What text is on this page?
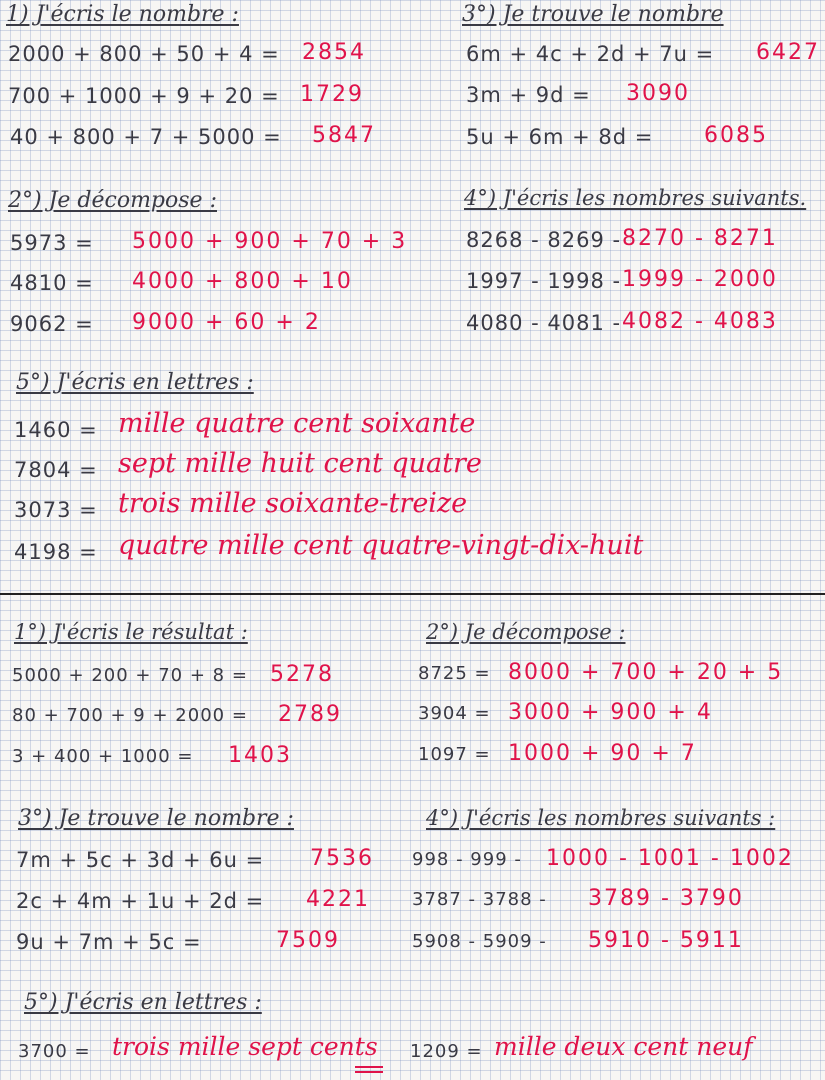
1) J'écris le nombre :
2000 + 800 + 50 + 4 = 2854
700 + 1000 + 9 + 20 = 1729
40 + 800 + 7 + 5000 = 5847
3°) Je trouve le nombre
6m + 4c + 2d + 7u = 6427
3m + 9d = 3090
5u + 6m + 8d = 6085
2°) Je décompose :
5973 = 5000 + 900 + 70 + 3
4810 = 4000 + 800 + 10
9062 = 9000 + 60 + 2
4°) J'écris les nombres suivants.
8268 - 8269 - 8270 - 8271
1997 - 1998 - 1999 - 2000
4080 - 4081 - 4082 - 4083
5°) J'écris en lettres :
1460 = mille quatre cent soixante
7804 = sept mille huit cent quatre
3073 = trois mille soixante-treize
4198 = quatre mille cent quatre-vingt-dix-huit
1°) J'écris le résultat :
5000 + 200 + 70 + 8 = 5278
80 + 700 + 9 + 2000 = 2789
3 + 400 + 1000 = 1403
2°) Je décompose :
8725 = 8000 + 700 + 20 + 5
3904 = 3000 + 900 + 4
1097 = 1000 + 90 + 7
3°) Je trouve le nombre :
7m + 5c + 3d + 6u = 7536
2c + 4m + 1u + 2d = 4221
9u + 7m + 5c =	7509
4°) J'écris les nombres suivants :
998 - 999 - 1000 - 1001 - 1002
3787 - 3788 - 3789 - 3790
5908 - 5909 - 5910 - 5911
5°) J'écris en lettres :
3700 = trois mille sept cents 1209 = mille deux cent neuf
